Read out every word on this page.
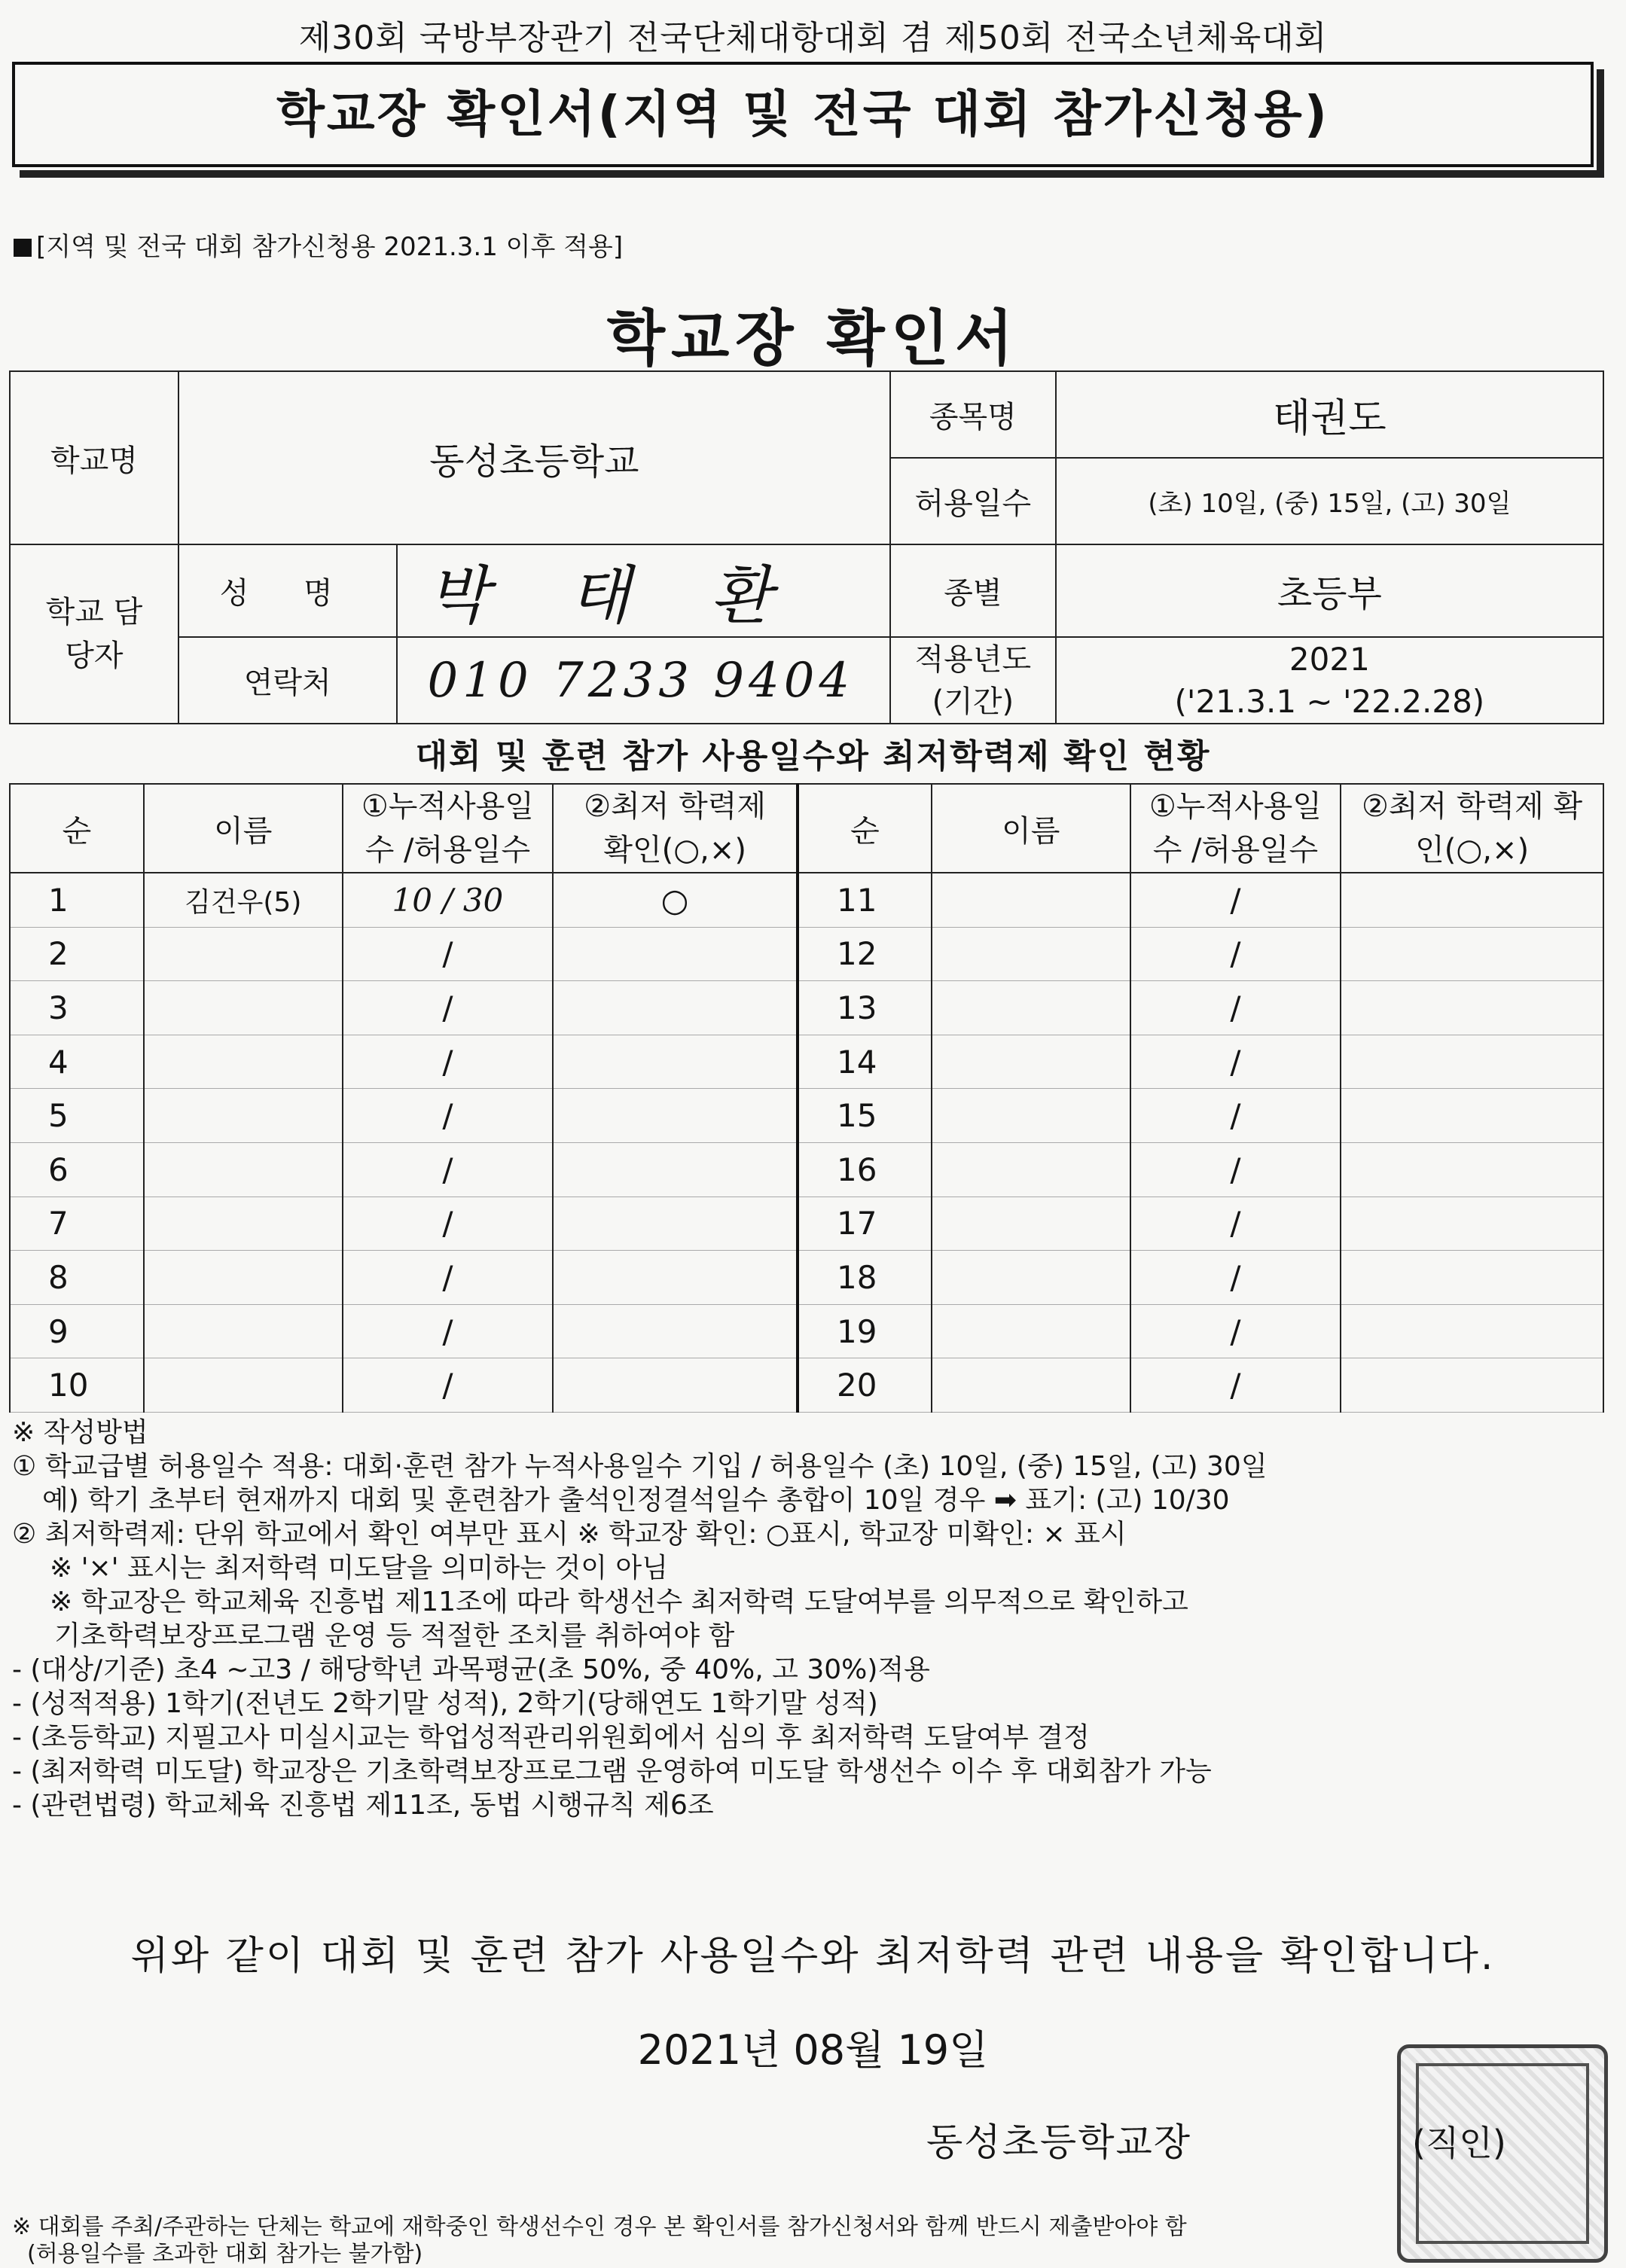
제30회 국방부장관기 전국단체대항대회 겸 제50회 전국소년체육대회
학교장 확인서(지역 및 전국 대회 참가신청용)
[지역 및 전국 대회 참가신청용 2021.3.1 이후 적용]
학교장 확인서
학교명	동성초등학교		종목명	태권도
			허용일수	(초) 10일, (중) 15일, (고) 30일
학교 담당자	성 명	박 태 환	종별	초등부
	연락처	010 7233 9404	적용년도 (기간)	2021
('21.3.1 ~ '22.2.28)
대회 및 훈련 참가 사용일수와 최저학력제 확인 현황
순	이름	①누적사용일수 /허용일수	②최저 학력제 확인(○,×)	순	이름	①누적사용일수 /허용일수	②최저 학력제 확인(○,×)

1	김건우(5)	10 / 30	○	11		/	
2		/		12		/	
3		/		13		/	
4		/		14		/	
5		/		15		/	
6		/		16		/	
7		/		17		/	
8		/		18		/	
9		/		19		/	
10		/		20		/	

※ 작성방법

① 학교급별 허용일수 적용: 대회·훈련 참가 누적사용일수 기입 / 허용일수 (초) 10일, (중) 15일, (고) 30일

예) 학기 초부터 현재까지 대회 및 훈련참가 출석인정결석일수 총합이 10일 경우 ➡ 표기: (고) 10/30

② 최저학력제: 단위 학교에서 확인 여부만 표시 ※ 학교장 확인: ○표시, 학교장 미확인: × 표시

※ '×' 표시는 최저학력 미도달을 의미하는 것이 아님

※ 학교장은 학교체육 진흥법 제11조에 따라 학생선수 최저학력 도달여부를 의무적으로 확인하고

기초학력보장프로그램 운영 등 적절한 조치를 취하여야 함

- (대상/기준) 초4 ~고3 / 해당학년 과목평균(초 50%, 중 40%, 고 30%)적용

- (성적적용) 1학기(전년도 2학기말 성적), 2학기(당해연도 1학기말 성적)

- (초등학교) 지필고사 미실시교는 학업성적관리위원회에서 심의 후 최저학력 도달여부 결정

- (최저학력 미도달) 학교장은 기초학력보장프로그램 운영하여 미도달 학생선수 이수 후 대회참가 가능

- (관련법령) 학교체육 진흥법 제11조, 동법 시행규칙 제6조

위와 같이 대회 및 훈련 참가 사용일수와 최저학력 관련 내용을 확인합니다.
2021년 08월 19일
동성초등학교장	(직인)

※ 대회를 주최/주관하는 단체는 학교에 재학중인 학생선수인 경우 본 확인서를 참가신청서와 함께 반드시 제출받아야 함

(허용일수를 초과한 대회 참가는 불가함)
